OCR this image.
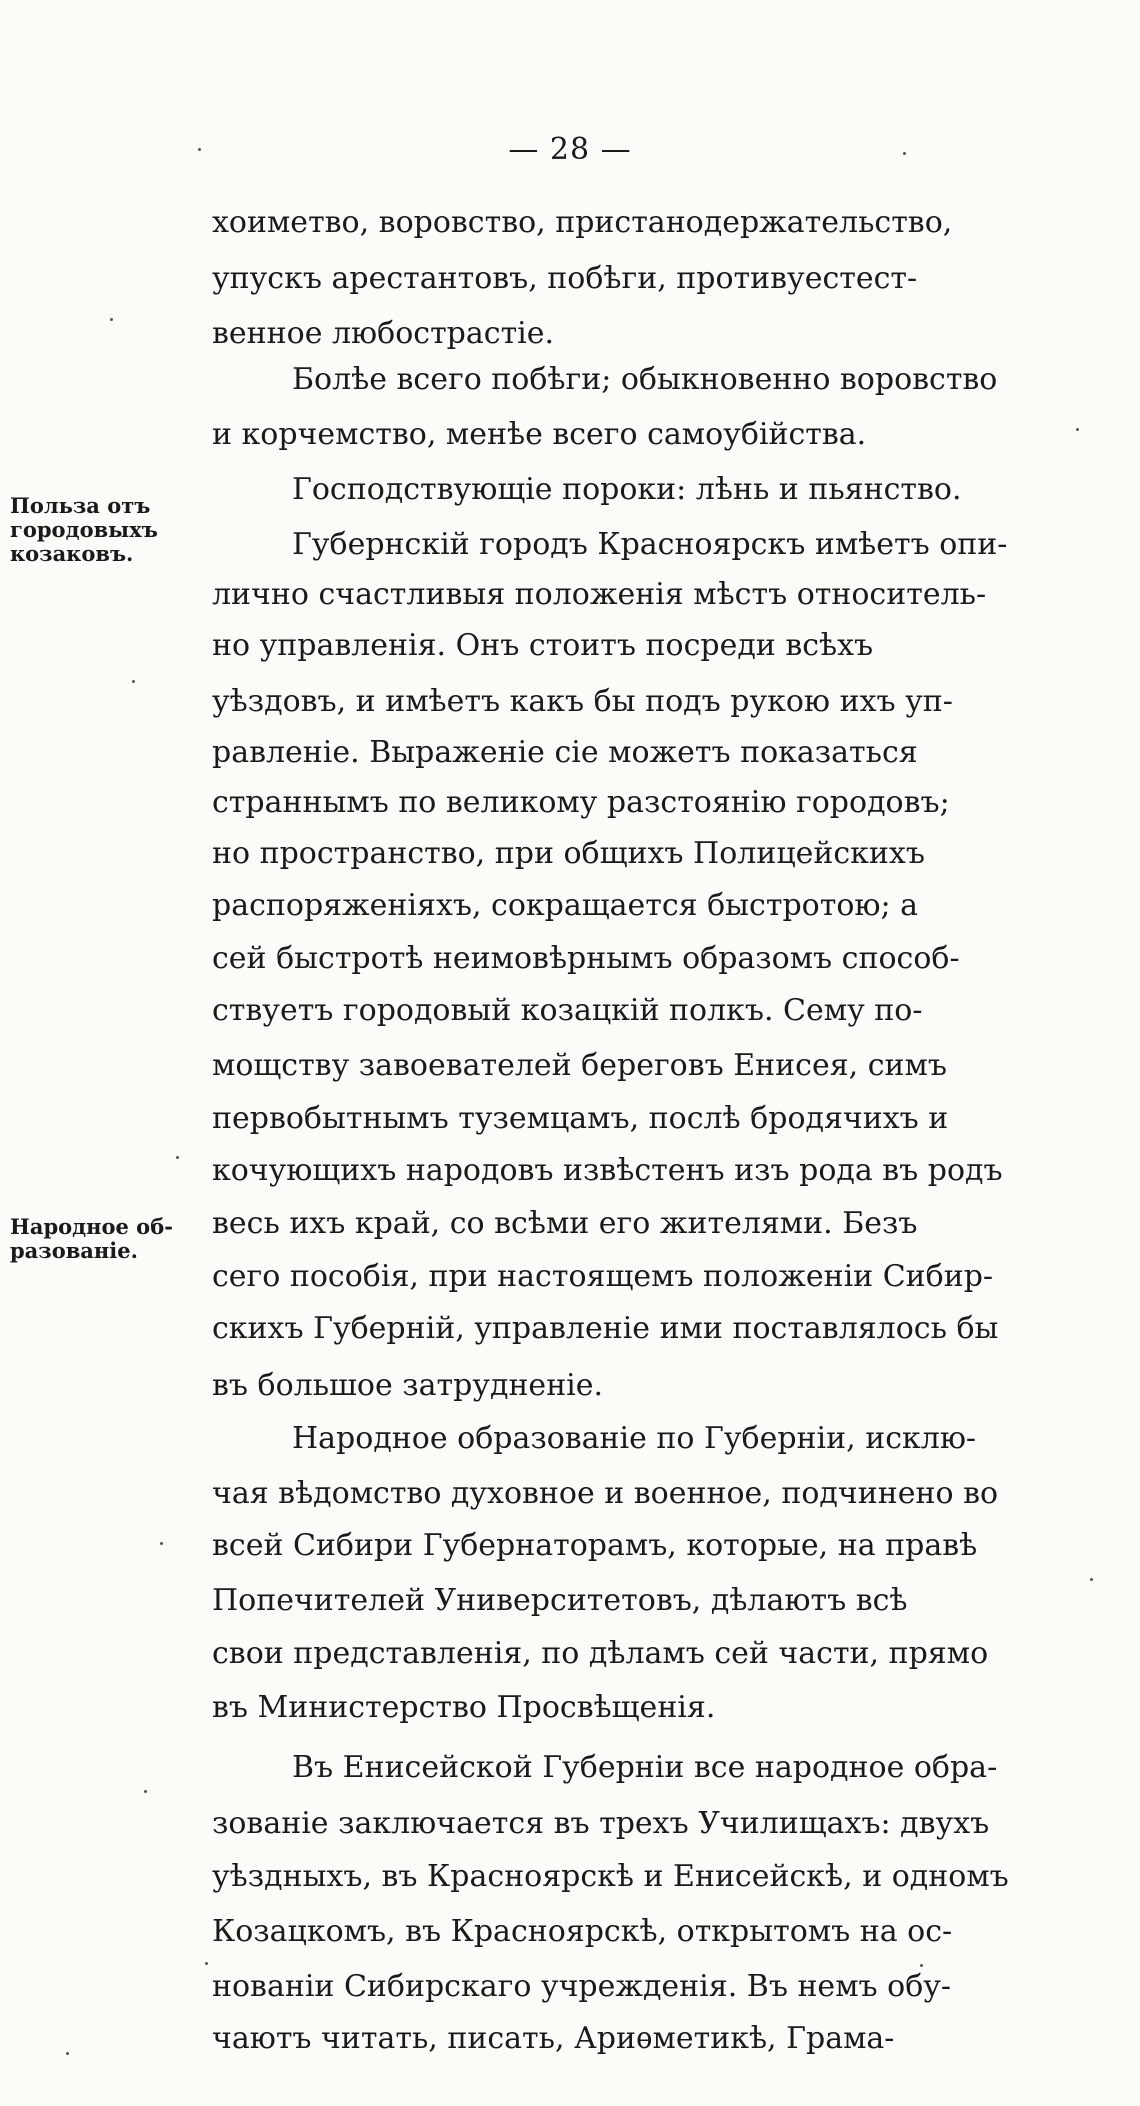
— 28 —
Польза отъ
городовыхъ
козаковъ.
Народное об-
разованіе.
хоиметво, воровство, пристанодержательство,
упускъ арестантовъ, побѣги, противуестест-
венное любострастіе.
Болѣе всего побѣги; обыкновенно воровство
и корчемство, менѣе всего самоубійства.
Господствующіе пороки: лѣнь и пьянство.
Губернскій городъ Красноярскъ имѣетъ опи-
лично счастливыя положенія мѣстъ относитель-
но управленія. Онъ стоитъ посреди всѣхъ
уѣздовъ, и имѣетъ какъ бы подъ рукою ихъ уп-
равленіе. Выраженіе сіе можетъ показаться
страннымъ по великому разстоянію городовъ;
но пространство, при общихъ Полицейскихъ
распоряженіяхъ, сокращается быстротою; а
сей быстротѣ неимовѣрнымъ образомъ способ-
ствуетъ городовый козацкій полкъ. Сему по-
мощству завоевателей береговъ Енисея, симъ
первобытнымъ туземцамъ, послѣ бродячихъ и
кочующихъ народовъ извѣстенъ изъ рода въ родъ
весь ихъ край, со всѣми его жителями. Безъ
сего пособія, при настоящемъ положеніи Сибир-
скихъ Губерній, управленіе ими поставлялось бы
въ большое затрудненіе.
Народное образованіе по Губерніи, исклю-
чая вѣдомство духовное и военное, подчинено во
всей Сибири Губернаторамъ, которые, на правѣ
Попечителей Университетовъ, дѣлаютъ всѣ
свои представленія, по дѣламъ сей части, прямо
въ Министерство Просвѣщенія.
Въ Енисейской Губерніи все народное обра-
зованіе заключается въ трехъ Училищахъ: двухъ
уѣздныхъ, въ Красноярскѣ и Енисейскѣ, и одномъ
Козацкомъ, въ Красноярскѣ, открытомъ на ос-
нованіи Сибирскаго учрежденія. Въ немъ обу-
чаютъ читать, писать, Ариѳметикѣ, Грама-
